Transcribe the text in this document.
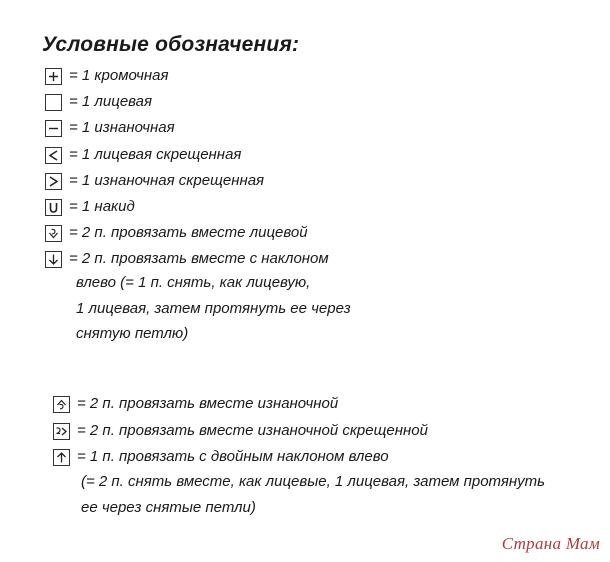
Условные обозначения:
= 1 кромочная
= 1 лицевая
= 1 изнаночная
= 1 лицевая скрещенная
= 1 изнаночная скрещенная
= 1 накид
= 2 п. провязать вместе лицевой
= 2 п. провязать вместе с наклоном
влево (= 1 п. снять, как лицевую,
1 лицевая, затем протянуть ее через
снятую петлю)
= 2 п. провязать вместе изнаночной
= 2 п. провязать вместе изнаночной скрещенной
= 1 п. провязать с двойным наклоном влево
(= 2 п. снять вместе, как лицевые, 1 лицевая, затем протянуть
ее через снятые петли)
Страна Мам
